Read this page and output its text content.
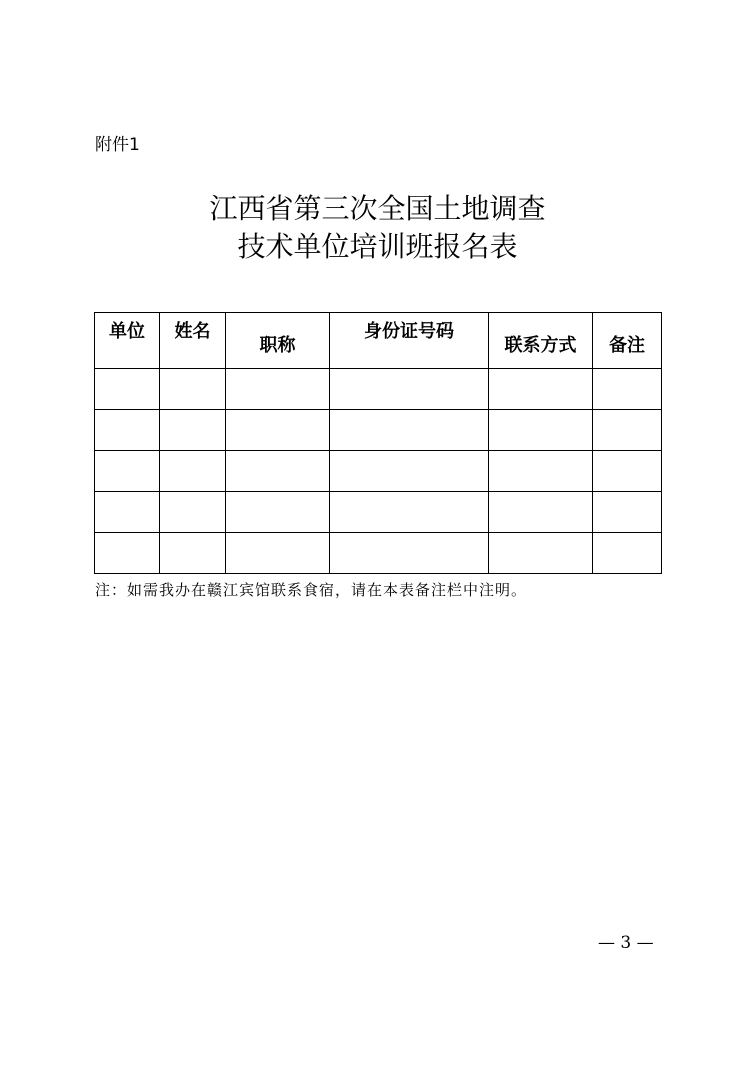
附件1
江西省第三次全国土地调查
技术单位培训班报名表
单位	姓名	职称	身份证号码	联系方式	备注

注：如需我办在赣江宾馆联系食宿，请在本表备注栏中注明。
— 3 —
